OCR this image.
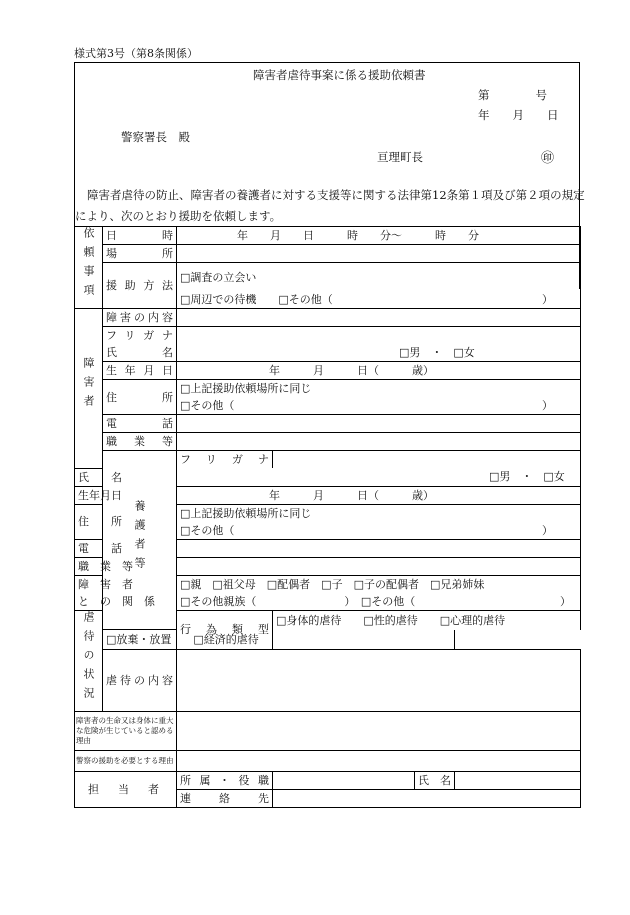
様式第3号（第8条関係）
障害者虐待事案に係る援助依頼書
第　　　　号
年　　月　　日
警察署長　殿
亘理町長	㊞
障害者虐待の防止、障害者の養護者に対する支援等に関する法律第12条第１項及び第２項の規定
により、次のとおり援助を依頼します。
依頼事項	日　　　時	年　　月　　日　　　時　　分～　　　時　　分			
	場　　　所				
	援助方法	□調査の立会い			
		□周辺での待機　　□その他（ ）			

障害者	障害の内容				
	フリガナ				
	氏　　名	□男　・　□女			
	生年月日	年　　　月　　　日（　　　歳）			
	住　　所	□上記援助依頼場所に同じ			
		□その他（ ）			

	電　　話				
	職　業　等				
	養護者等	フリガナ			
氏　　名		□男　・　□女			
生年月日		年　　　月　　　日（　　　歳）			
住　　所		□上記援助依頼場所に同じ			
		□その他（ ）			

電　　話					
職　業　等					
障　害　者		□親　□祖父母　□配偶者　□子　□子の配偶者　□兄弟姉妹			
と　の　関　係		□その他親族（　　　　　　　　）　□その他（ ）			

虐待の状況		行為類型	□身体的虐待　　□性的虐待　　□心理的虐待		
	□放棄・放置　　□経済的虐待				
	虐待の内容				

障害者の生命又は身体に重大な危険が生じていると認める理由					
警察の援助を必要とする理由					
担　当　者		所属・役職		氏　名	
		連　絡　先			
